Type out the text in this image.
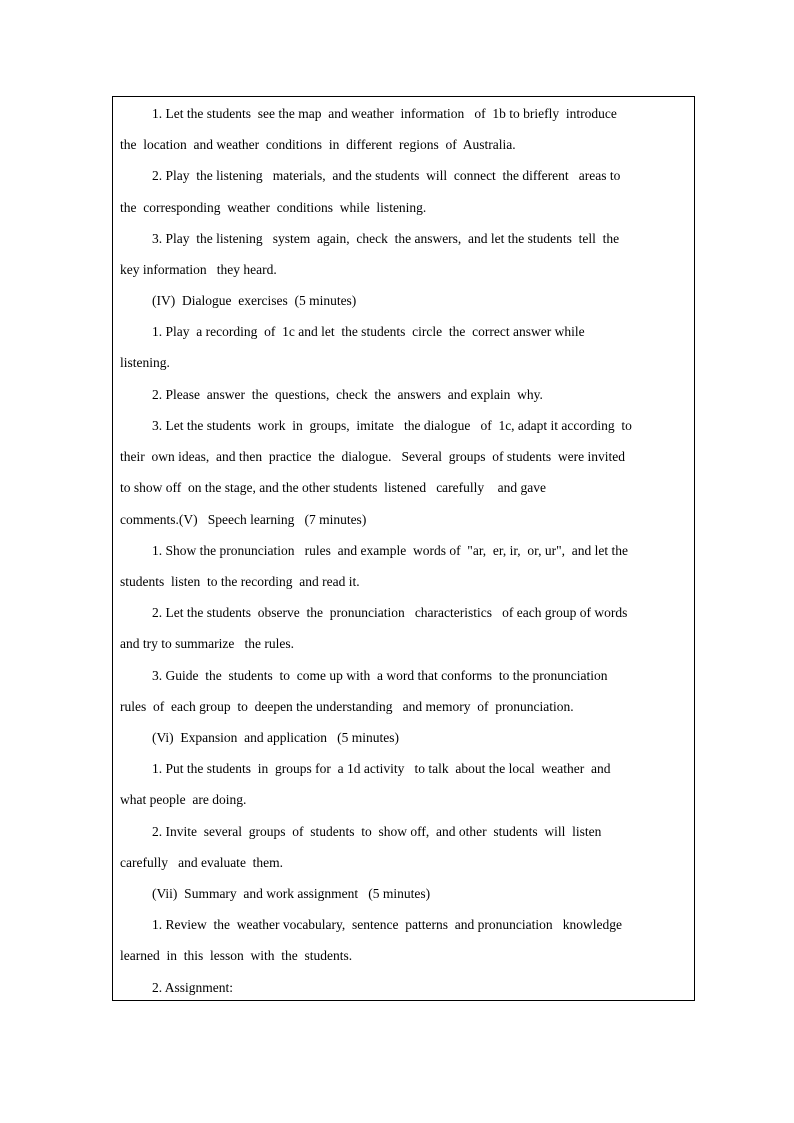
1. Let the students  see the map  and weather  information   of  1b to briefly  introduce
the  location  and weather  conditions  in  different  regions  of  Australia.
2. Play  the listening   materials,  and the students  will  connect  the different   areas to
the  corresponding  weather  conditions  while  listening.
3. Play  the listening   system  again,  check  the answers,  and let the students  tell  the
key information   they heard.
(IV)  Dialogue  exercises  (5 minutes)
1. Play  a recording  of  1c and let  the students  circle  the  correct answer while
listening.
2. Please  answer  the  questions,  check  the  answers  and explain  why.
3. Let the students  work  in  groups,  imitate   the dialogue   of  1c, adapt it according  to
their  own ideas,  and then  practice  the  dialogue.   Several  groups  of students  were invited
to show off  on the stage, and the other students  listened   carefully    and gave
comments.(V)   Speech learning   (7 minutes)
1. Show the pronunciation   rules  and example  words of  "ar,  er, ir,  or, ur",  and let the
students  listen  to the recording  and read it.
2. Let the students  observe  the  pronunciation   characteristics   of each group of words
and try to summarize   the rules.
3. Guide  the  students  to  come up with  a word that conforms  to the pronunciation
rules  of  each group  to  deepen the understanding   and memory  of  pronunciation.
(Vi)  Expansion  and application   (5 minutes)
1. Put the students  in  groups for  a 1d activity   to talk  about the local  weather  and
what people  are doing.
2. Invite  several  groups  of  students  to  show off,  and other  students  will  listen
carefully   and evaluate  them.
(Vii)  Summary  and work assignment   (5 minutes)
1. Review  the  weather vocabulary,  sentence  patterns  and pronunciation   knowledge
learned  in  this  lesson  with  the  students.
2. Assignment:
